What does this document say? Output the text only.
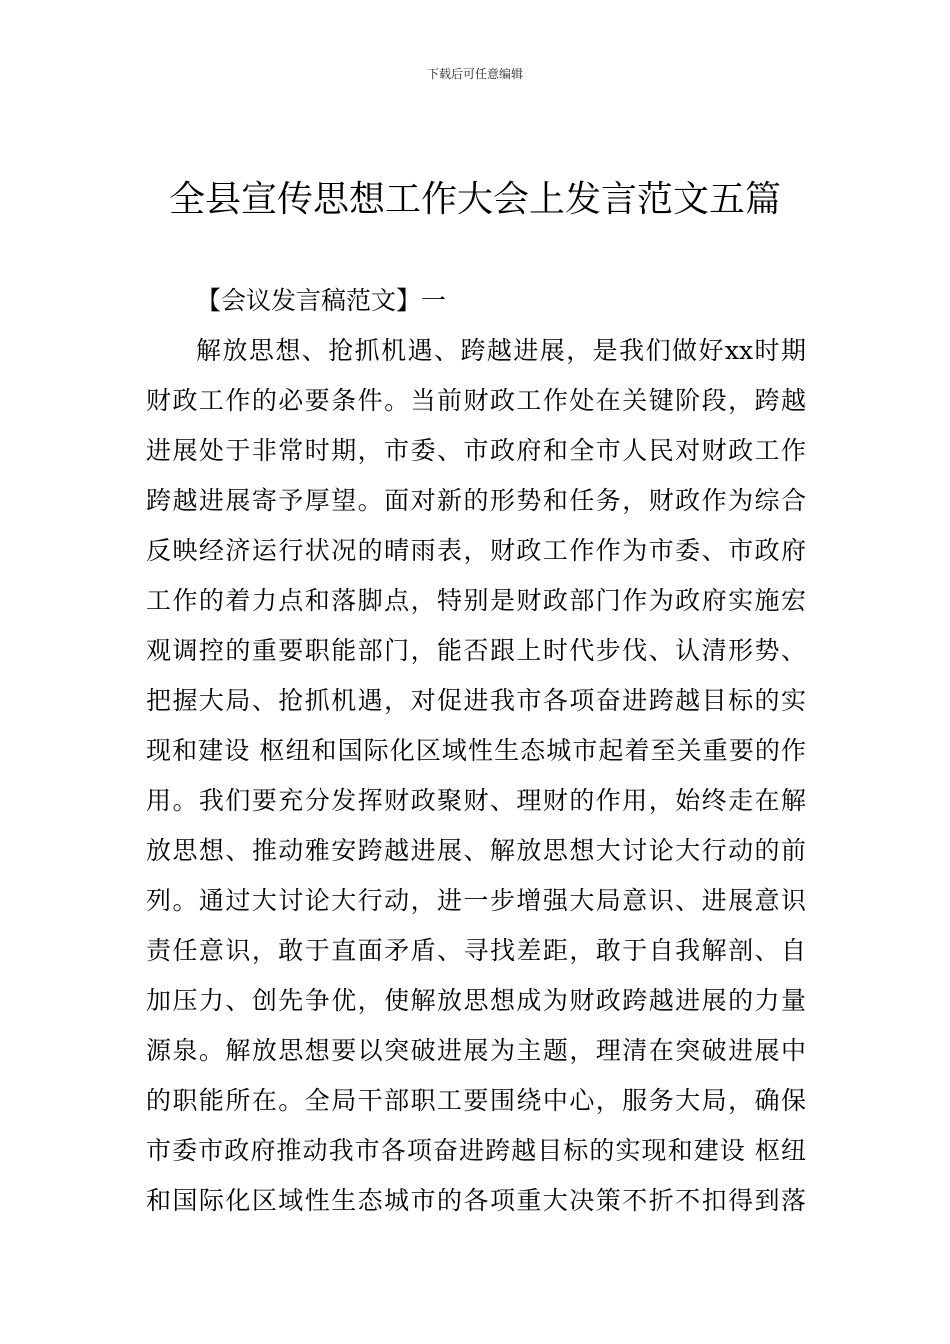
下载后可任意编辑
全县宣传思想工作大会上发言范文五篇

【会议发言稿范文】一

解放思想、抢抓机遇、跨越进展，是我们做好xx时期

财政工作的必要条件。当前财政工作处在关键阶段，跨越

进展处于非常时期，市委、市政府和全市人民对财政工作

跨越进展寄予厚望。面对新的形势和任务，财政作为综合

反映经济运行状况的晴雨表，财政工作作为市委、市政府

工作的着力点和落脚点，特别是财政部门作为政府实施宏

观调控的重要职能部门，能否跟上时代步伐、认清形势、

把握大局、抢抓机遇，对促进我市各项奋进跨越目标的实

现和建设 枢纽和国际化区域性生态城市起着至关重要的作

用。我们要充分发挥财政聚财、理财的作用，始终走在解

放思想、推动雅安跨越进展、解放思想大讨论大行动的前

列。通过大讨论大行动，进一步增强大局意识、进展意识

责任意识，敢于直面矛盾、寻找差距，敢于自我解剖、自

加压力、创先争优，使解放思想成为财政跨越进展的力量

源泉。解放思想要以突破进展为主题，理清在突破进展中

的职能所在。全局干部职工要围绕中心，服务大局，确保

市委市政府推动我市各项奋进跨越目标的实现和建设 枢纽

和国际化区域性生态城市的各项重大决策不折不扣得到落
